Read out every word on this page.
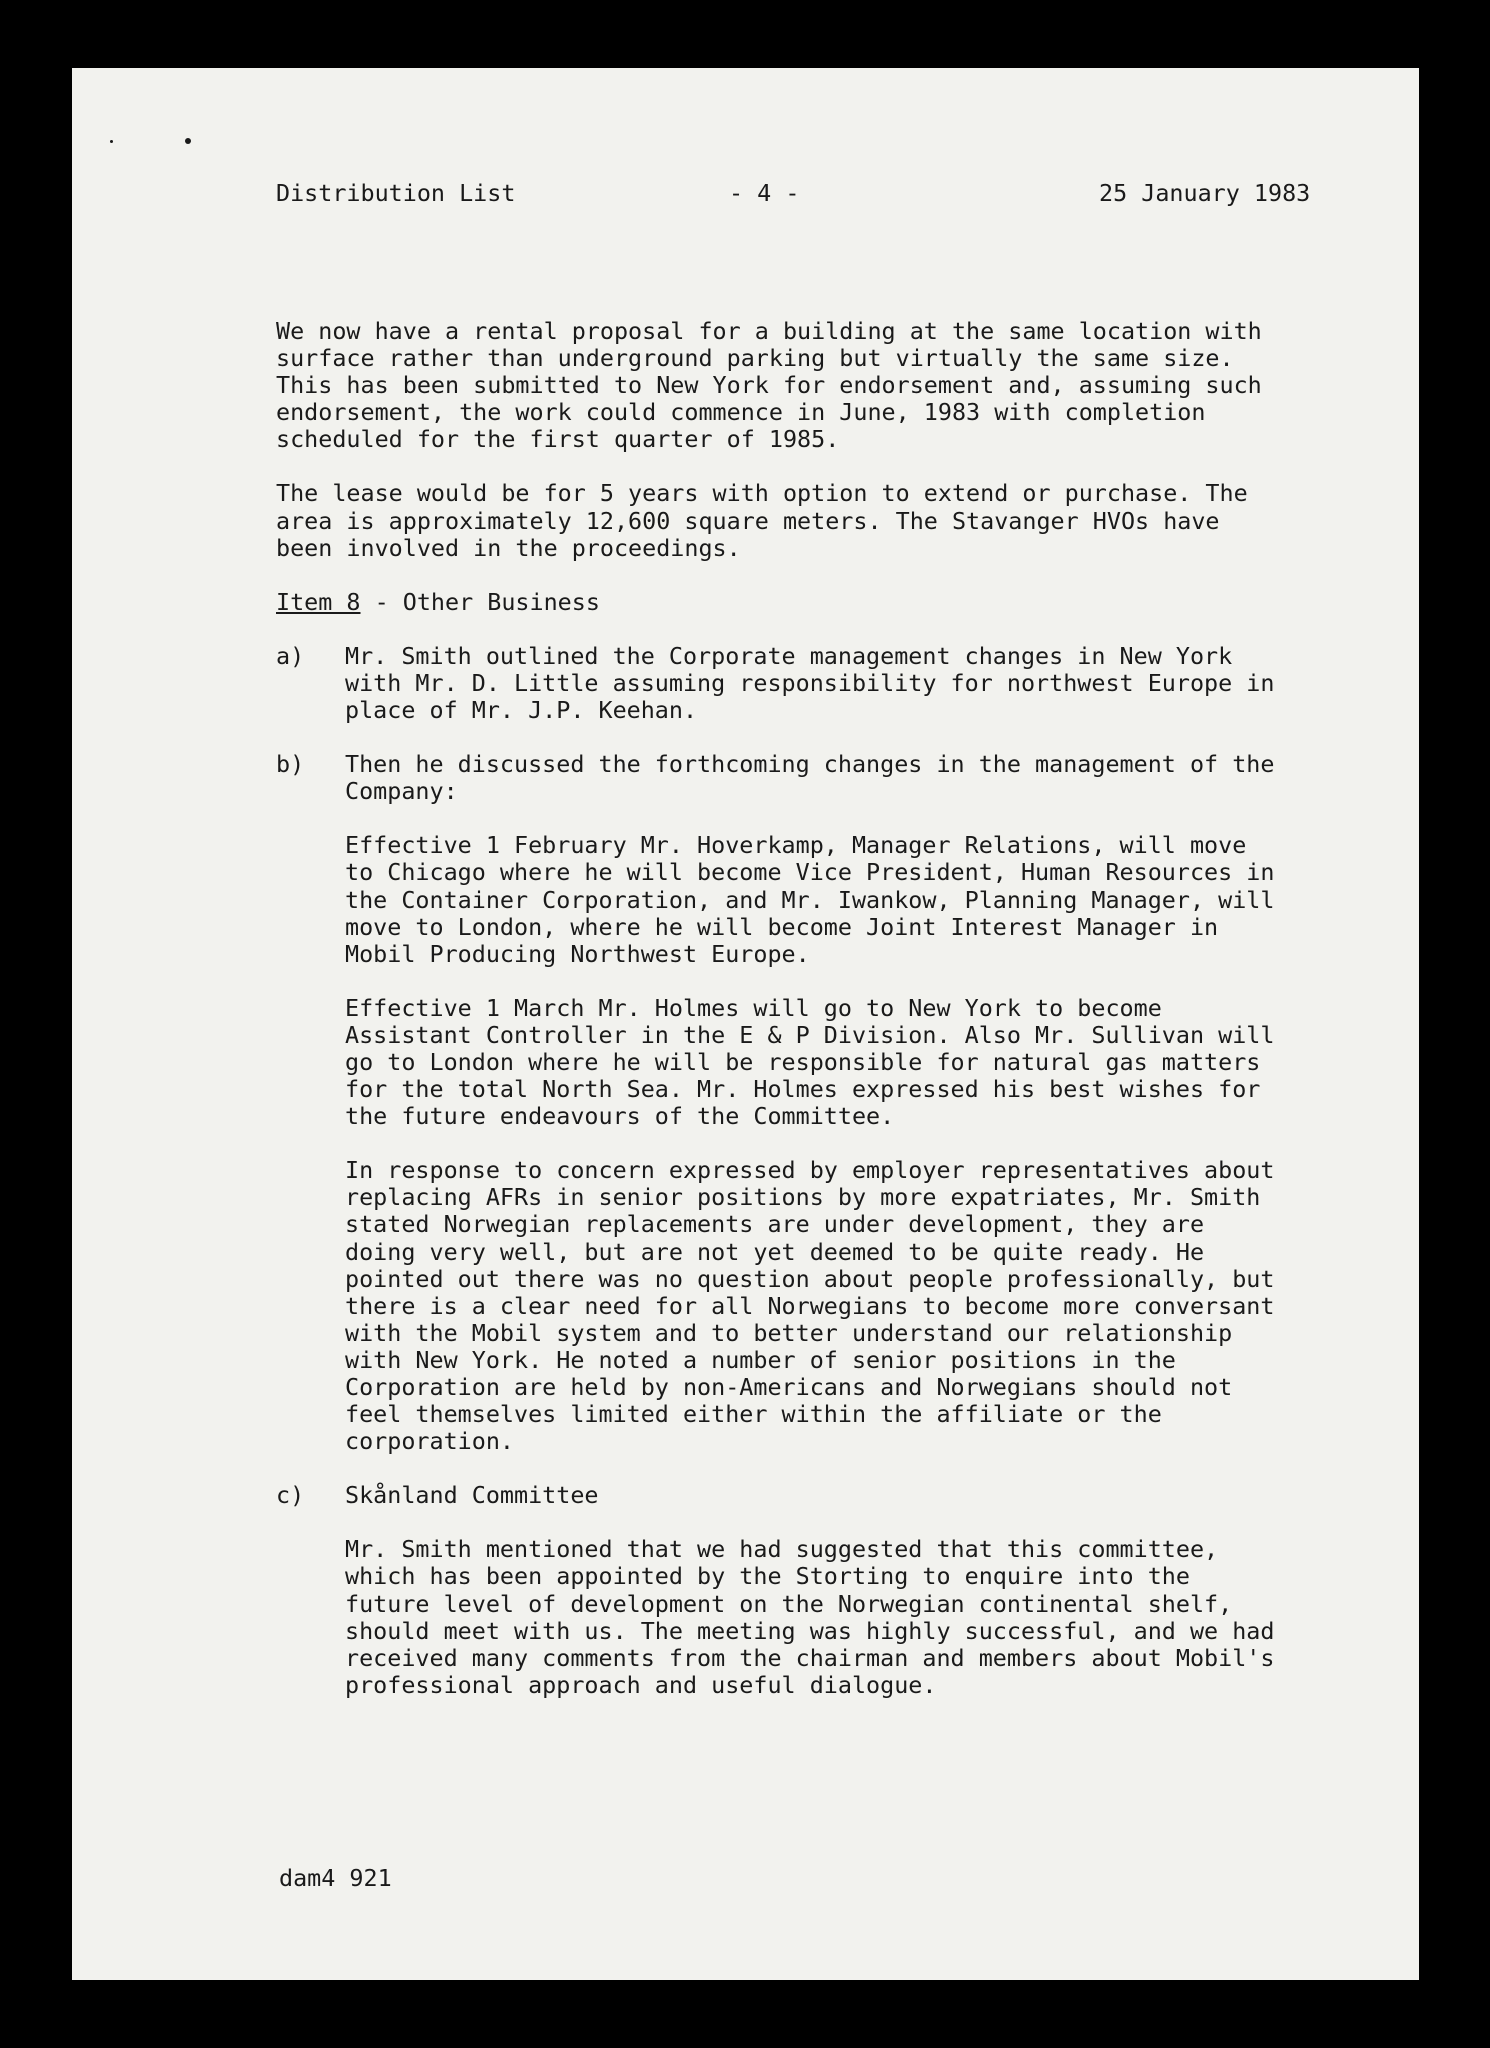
Distribution List	- 4 -	25 January 1983

We now have a rental proposal for a building at the same location with
surface rather than underground parking but virtually the same size.
This has been submitted to New York for endorsement and, assuming such
endorsement, the work could commence in June, 1983 with completion
scheduled for the first quarter of 1985.

The lease would be for 5 years with option to extend or purchase. The
area is approximately 12,600 square meters. The Stavanger HVOs have
been involved in the proceedings.

Item 8 - Other Business

a) Mr. Smith outlined the Corporate management changes in New York
with Mr. D. Little assuming responsibility for northwest Europe in
place of Mr. J.P. Keehan.
b) Then he discussed the forthcoming changes in the management of the
Company:

Effective 1 February Mr. Hoverkamp, Manager Relations, will move
to Chicago where he will become Vice President, Human Resources in
the Container Corporation, and Mr. Iwankow, Planning Manager, will
move to London, where he will become Joint Interest Manager in
Mobil Producing Northwest Europe.

Effective 1 March Mr. Holmes will go to New York to become
Assistant Controller in the E & P Division. Also Mr. Sullivan will
go to London where he will be responsible for natural gas matters
for the total North Sea. Mr. Holmes expressed his best wishes for
the future endeavours of the Committee.

In response to concern expressed by employer representatives about
replacing AFRs in senior positions by more expatriates, Mr. Smith
stated Norwegian replacements are under development, they are
doing very well, but are not yet deemed to be quite ready. He
pointed out there was no question about people professionally, but
there is a clear need for all Norwegians to become more conversant
with the Mobil system and to better understand our relationship
with New York. He noted a number of senior positions in the
Corporation are held by non-Americans and Norwegians should not
feel themselves limited either within the affiliate or the
corporation.

c) Skånland Committee

Mr. Smith mentioned that we had suggested that this committee,
which has been appointed by the Storting to enquire into the
future level of development on the Norwegian continental shelf,
should meet with us. The meeting was highly successful, and we had
received many comments from the chairman and members about Mobil's
professional approach and useful dialogue.

dam4 921
